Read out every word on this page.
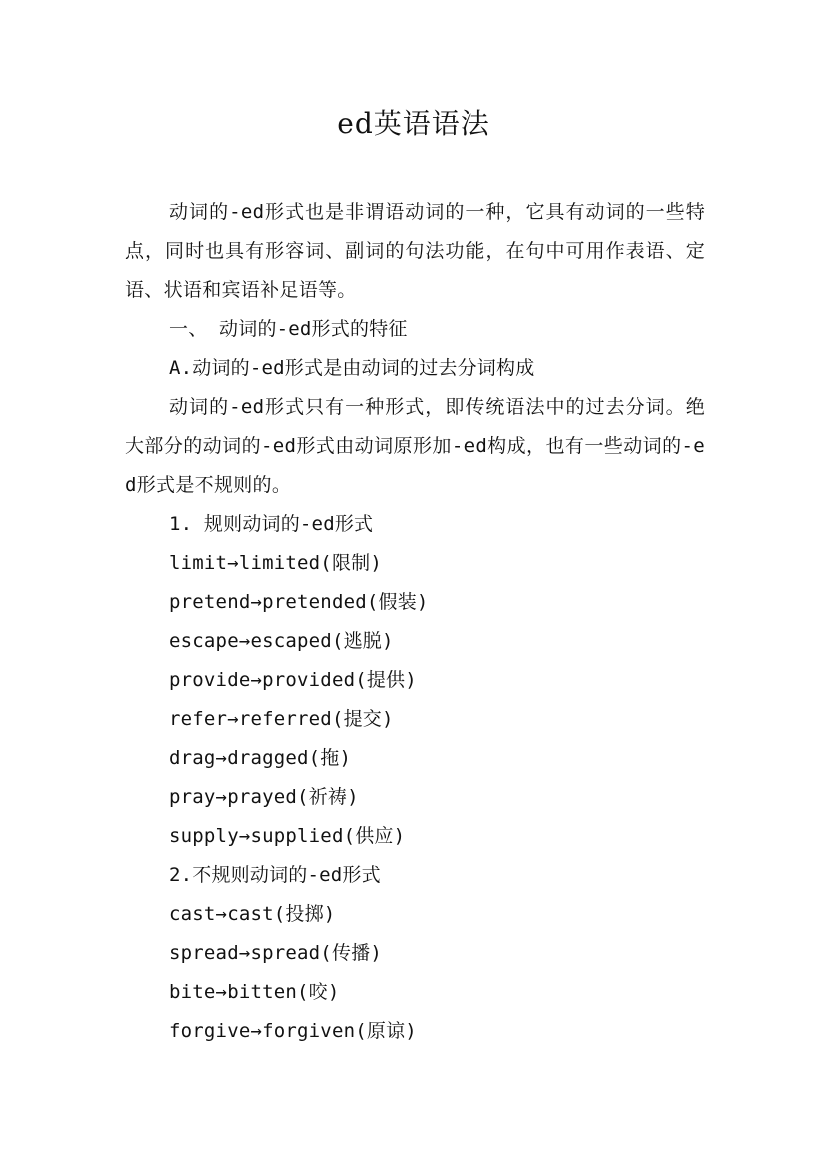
ed英语语法

动词的-ed形式也是非谓语动词的一种，它具有动词的一些特点，同时也具有形容词、副词的句法功能，在句中可用作表语、定语、状语和宾语补足语等。

一、 动词的-ed形式的特征

A.动词的-ed形式是由动词的过去分词构成

动词的-ed形式只有一种形式，即传统语法中的过去分词。绝大部分的动词的-ed形式由动词原形加-ed构成，也有一些动词的-ed形式是不规则的。

1. 规则动词的-ed形式

limit→limited(限制)

pretend→pretended(假装)

escape→escaped(逃脱)

provide→provided(提供)

refer→referred(提交)

drag→dragged(拖)

pray→prayed(祈祷)

supply→supplied(供应)

2.不规则动词的-ed形式

cast→cast(投掷)

spread→spread(传播)

bite→bitten(咬)

forgive→forgiven(原谅)
